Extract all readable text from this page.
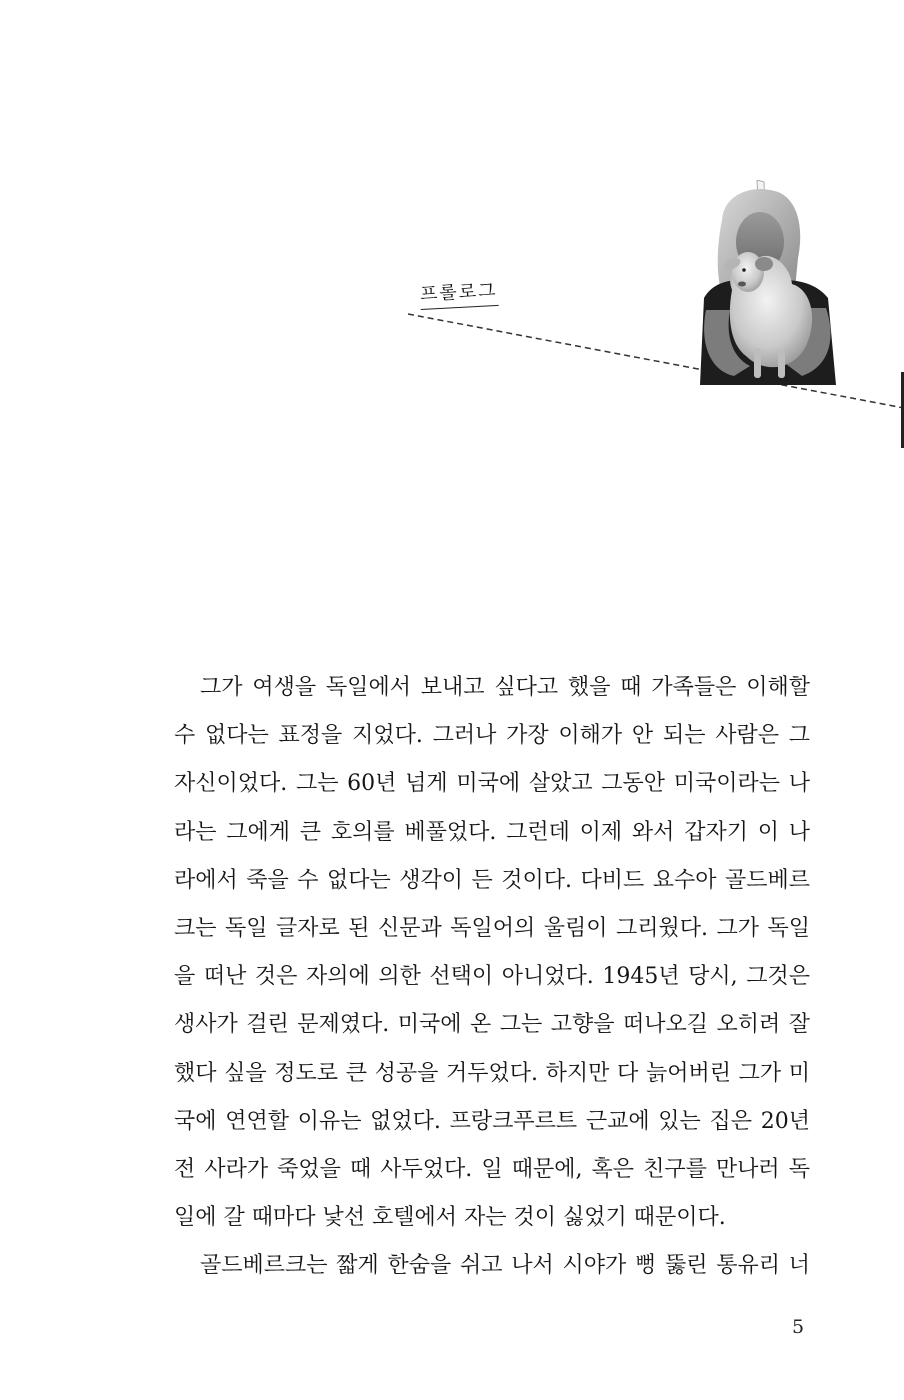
프롤로그
그가 여생을 독일에서 보내고 싶다고 했을 때 가족들은 이해할
수 없다는 표정을 지었다. 그러나 가장 이해가 안 되는 사람은 그
자신이었다. 그는 60년 넘게 미국에 살았고 그동안 미국이라는 나
라는 그에게 큰 호의를 베풀었다. 그런데 이제 와서 갑자기 이 나
라에서 죽을 수 없다는 생각이 든 것이다. 다비드 요수아 골드베르
크는 독일 글자로 된 신문과 독일어의 울림이 그리웠다. 그가 독일
을 떠난 것은 자의에 의한 선택이 아니었다. 1945년 당시, 그것은
생사가 걸린 문제였다. 미국에 온 그는 고향을 떠나오길 오히려 잘
했다 싶을 정도로 큰 성공을 거두었다. 하지만 다 늙어버린 그가 미
국에 연연할 이유는 없었다. 프랑크푸르트 근교에 있는 집은 20년
전 사라가 죽었을 때 사두었다. 일 때문에, 혹은 친구를 만나러 독
일에 갈 때마다 낯선 호텔에서 자는 것이 싫었기 때문이다.
골드베르크는 짧게 한숨을 쉬고 나서 시야가 뻥 뚫린 통유리 너
5
